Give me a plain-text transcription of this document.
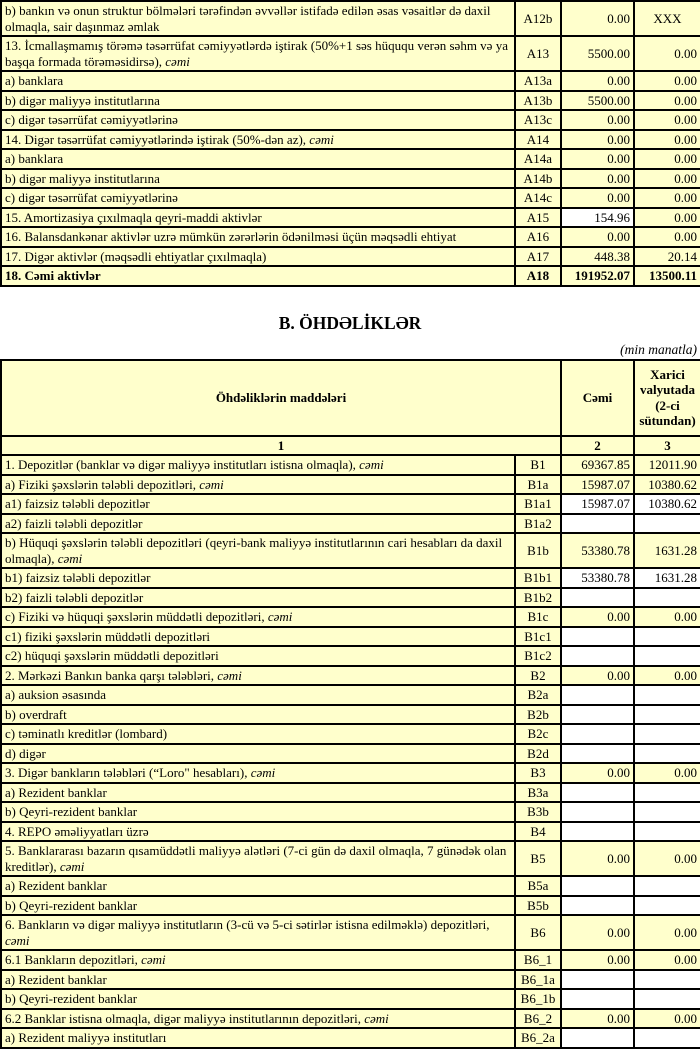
b) bankın və onun struktur bölmələri tərəfindən əvvəllər istifadə edilən əsas vəsaitlər də daxil olmaqla, sair daşınmaz əmlak	A12b	0.00	XXX
13. İcmallaşmamış törəmə təsərrüfat cəmiyyətlərdə iştirak (50%+1 səs hüququ verən səhm və ya başqa formada törəməsidirsə), cəmi	A13	5500.00	0.00
a) banklara	A13a	0.00	0.00
b) digər maliyyə institutlarına	A13b	5500.00	0.00
c) digər təsərrüfat cəmiyyətlərinə	A13c	0.00	0.00
14. Digər təsərrüfat cəmiyyətlərində iştirak (50%-dən az), cəmi	A14	0.00	0.00
a) banklara	A14a	0.00	0.00
b) digər maliyyə institutlarına	A14b	0.00	0.00
c) digər təsərrüfat cəmiyyətlərinə	A14c	0.00	0.00
15. Amortizasiya çıxılmaqla qeyri-maddi aktivlər	A15	154.96	0.00
16. Balansdankənar aktivlər uzrə mümkün zərərlərin ödənilməsi üçün məqsədli ehtiyat	A16	0.00	0.00
17. Digər aktivlər (məqsədli ehtiyatlar çıxılmaqla)	A17	448.38	20.14
18. Cəmi aktivlər	A18	191952.07	13500.11
B. ÖHDƏLİKLƏR
(min manatla)
Öhdəliklərin maddələri		Cəmi	Xarici valyutada (2-ci sütundan)
1		2	3
1. Depozitlər (banklar və digər maliyyə institutları istisna olmaqla), cəmi	B1	69367.85	12011.90
a) Fiziki şəxslərin tələbli depozitləri, cəmi	B1a	15987.07	10380.62
a1) faizsiz tələbli depozitlər	B1a1	15987.07	10380.62
a2) faizli tələbli depozitlər	B1a2		
b) Hüquqi şəxslərin tələbli depozitləri (qeyri-bank maliyyə institutlarının cari hesabları da daxil olmaqla), cəmi	B1b	53380.78	1631.28
b1) faizsiz tələbli depozitlər	B1b1	53380.78	1631.28
b2) faizli tələbli depozitlər	B1b2		
c) Fiziki və hüquqi şəxslərin müddətli depozitləri, cəmi	B1c	0.00	0.00
c1) fiziki şəxslərin müddətli depozitləri	B1c1		
c2) hüquqi şəxslərin müddətli depozitləri	B1c2		
2. Mərkəzi Bankın banka qarşı tələbləri, cəmi	B2	0.00	0.00
a) auksion əsasında	B2a		
b) overdraft	B2b		
c) təminatlı kreditlər (lombard)	B2c		
d) digər	B2d		
3. Digər bankların tələbləri (“Loro" hesabları), cəmi	B3	0.00	0.00
a) Rezident banklar	B3a		
b) Qeyri-rezident banklar	B3b		
4. REPO əməliyyatları üzrə	B4		
5. Banklararası bazarın qısamüddətli maliyyə alətləri (7-ci gün də daxil olmaqla, 7 günədək olan kreditlər), cəmi	B5	0.00	0.00
a) Rezident banklar	B5a		
b) Qeyri-rezident banklar	B5b		
6. Bankların və digər maliyyə institutların (3-cü və 5-ci sətirlər istisna edilməklə) depozitləri, cəmi	B6	0.00	0.00
6.1 Bankların depozitləri, cəmi	B6_1	0.00	0.00
a) Rezident banklar	B6_1a		
b) Qeyri-rezident banklar	B6_1b		
6.2 Banklar istisna olmaqla, digər maliyyə institutlarının depozitləri, cəmi	B6_2	0.00	0.00
a) Rezident maliyyə institutları	B6_2a		
